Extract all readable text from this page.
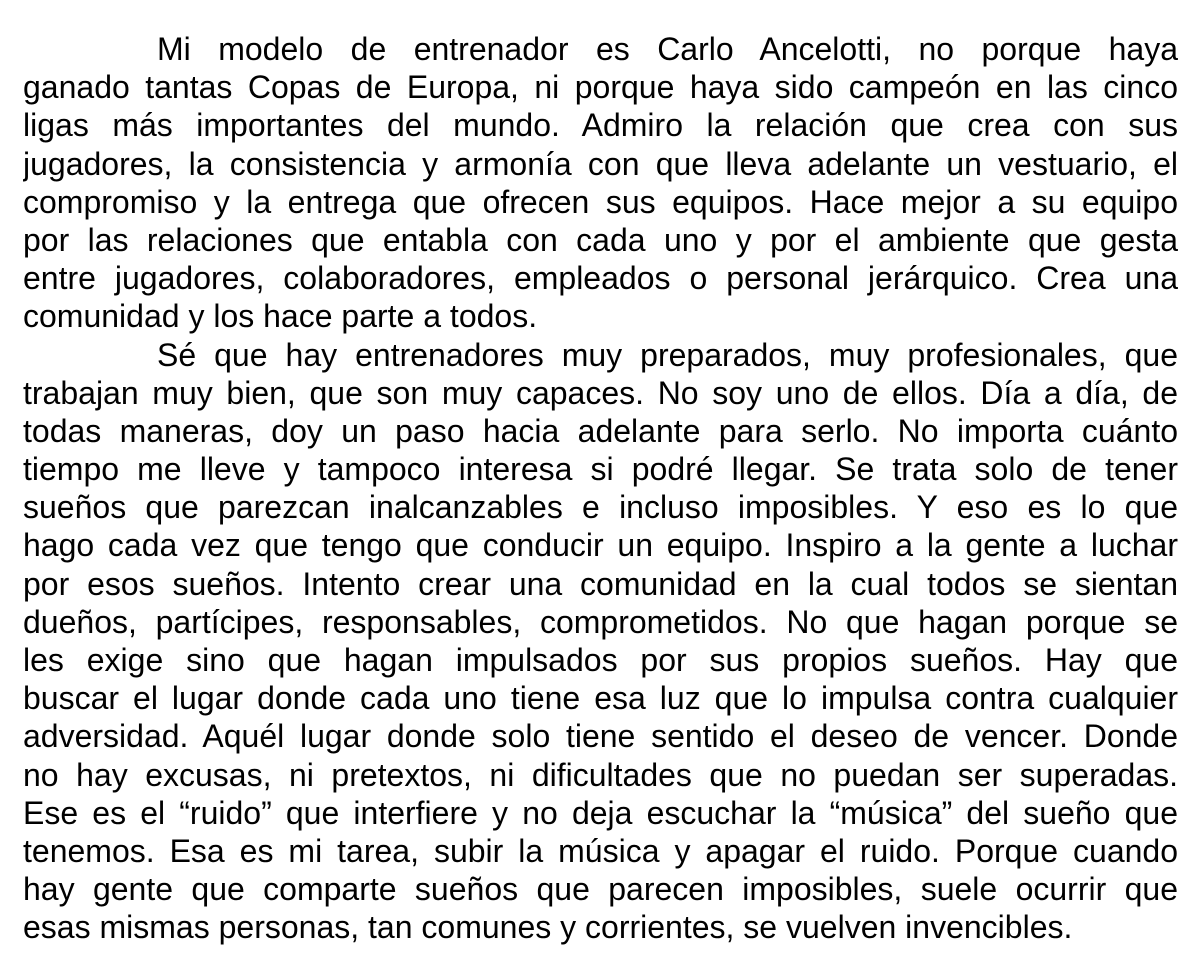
Mi modelo de entrenador es Carlo Ancelotti, no porque haya
ganado tantas Copas de Europa, ni porque haya sido campeón en las cinco
ligas más importantes del mundo. Admiro la relación que crea con sus
jugadores, la consistencia y armonía con que lleva adelante un vestuario, el
compromiso y la entrega que ofrecen sus equipos. Hace mejor a su equipo
por las relaciones que entabla con cada uno y por el ambiente que gesta
entre jugadores, colaboradores, empleados o personal jerárquico. Crea una
comunidad y los hace parte a todos.
Sé que hay entrenadores muy preparados, muy profesionales, que
trabajan muy bien, que son muy capaces. No soy uno de ellos. Día a día, de
todas maneras, doy un paso hacia adelante para serlo. No importa cuánto
tiempo me lleve y tampoco interesa si podré llegar. Se trata solo de tener
sueños que parezcan inalcanzables e incluso imposibles. Y eso es lo que
hago cada vez que tengo que conducir un equipo. Inspiro a la gente a luchar
por esos sueños. Intento crear una comunidad en la cual todos se sientan
dueños, partícipes, responsables, comprometidos. No que hagan porque se
les exige sino que hagan impulsados por sus propios sueños. Hay que
buscar el lugar donde cada uno tiene esa luz que lo impulsa contra cualquier
adversidad. Aquél lugar donde solo tiene sentido el deseo de vencer. Donde
no hay excusas, ni pretextos, ni dificultades que no puedan ser superadas.
Ese es el “ruido” que interfiere y no deja escuchar la “música” del sueño que
tenemos. Esa es mi tarea, subir la música y apagar el ruido. Porque cuando
hay gente que comparte sueños que parecen imposibles, suele ocurrir que
esas mismas personas, tan comunes y corrientes, se vuelven invencibles.
